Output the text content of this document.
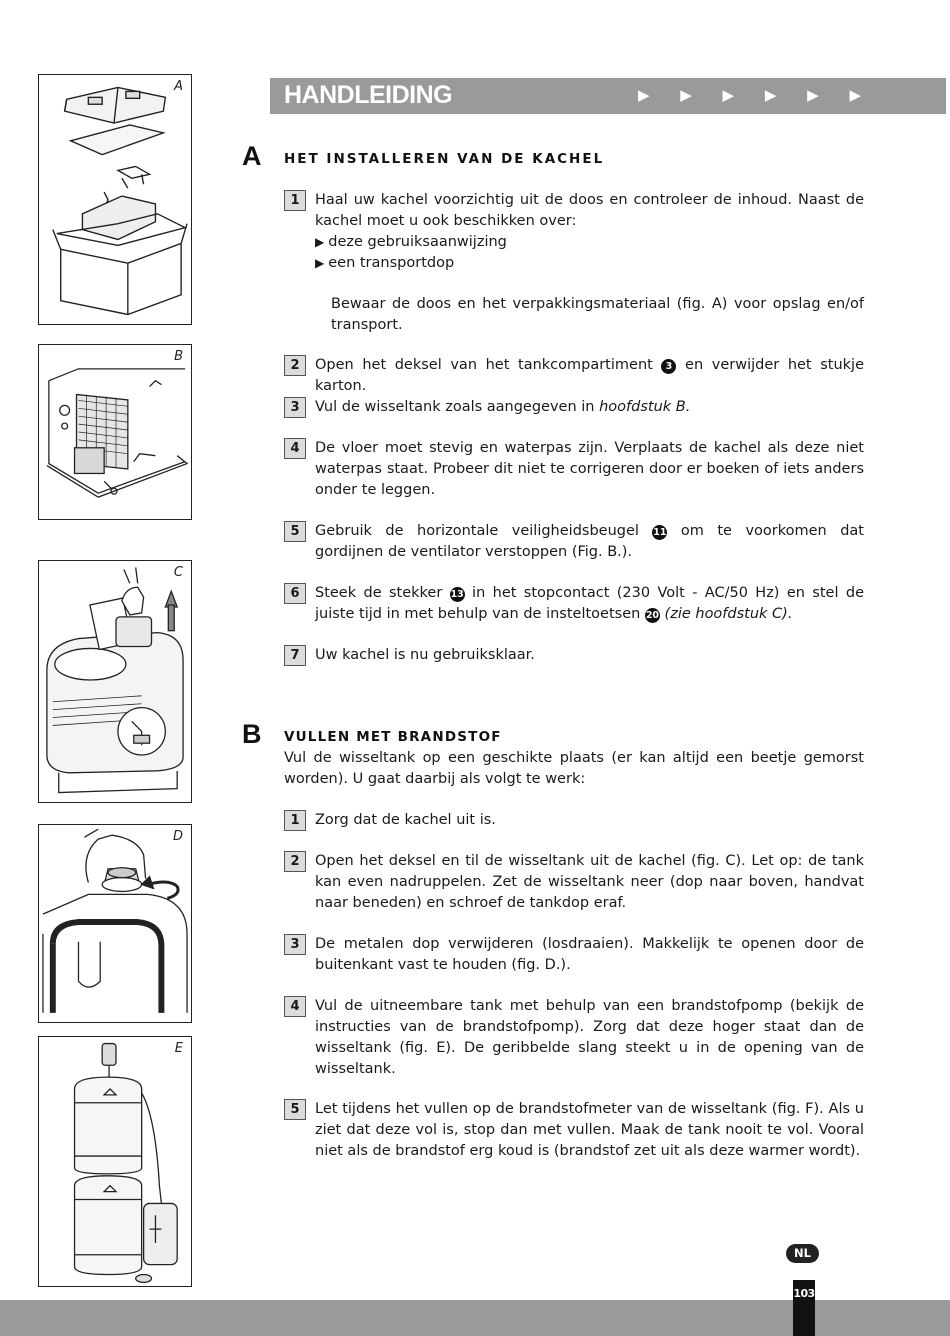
A
B
C
D
E
HANDLEIDING	▶ ▶ ▶ ▶ ▶ ▶
A HET INSTALLEREN VAN DE KACHEL
1	Haal uw kachel voorzichtig uit de doos en controleer de inhoud. Naast de kachel moet u ook beschikken over:
▶ deze gebruiksaanwijzing
▶ een transportdop
Bewaar de doos en het verpakkingsmateriaal (fig. A) voor opslag en/of transport.
2	Open het deksel van het tankcompartiment 3 en verwijder het stukje karton.
3	Vul de wisseltank zoals aangegeven in hoofdstuk B.
4	De vloer moet stevig en waterpas zijn. Verplaats de kachel als deze niet waterpas staat. Probeer dit niet te corrigeren door er boeken of iets anders onder te leggen.
5	Gebruik de horizontale veiligheidsbeugel 11 om te voorkomen dat gordijnen de ventilator verstoppen (Fig. B.).
6	Steek de stekker 13 in het stopcontact (230 Volt - AC/50 Hz) en stel de juiste tijd in met behulp van de insteltoetsen 20 (zie hoofdstuk C).
7	Uw kachel is nu gebruiksklaar.
B VULLEN MET BRANDSTOF
Vul de wisseltank op een geschikte plaats (er kan altijd een beetje gemorst worden). U gaat daarbij als volgt te werk:
1	Zorg dat de kachel uit is.
2	Open het deksel en til de wisseltank uit de kachel (fig. C). Let op: de tank kan even nadruppelen. Zet de wisseltank neer (dop naar boven, handvat naar beneden) en schroef de tankdop eraf.
3	De metalen dop verwijderen (losdraaien). Makkelijk te openen door de buitenkant vast te houden (fig. D.).
4	Vul de uitneembare tank met behulp van een brandstofpomp (bekijk de instructies van de brandstofpomp). Zorg dat deze hoger staat dan de wisseltank (fig. E). De geribbelde slang steekt u in de opening van de wisseltank.
5	Let tijdens het vullen op de brandstofmeter van de wisseltank (fig. F). Als u ziet dat deze vol is, stop dan met vullen. Maak de tank nooit te vol. Vooral niet als de brandstof erg koud is (brandstof zet uit als deze warmer wordt).
NL
103
